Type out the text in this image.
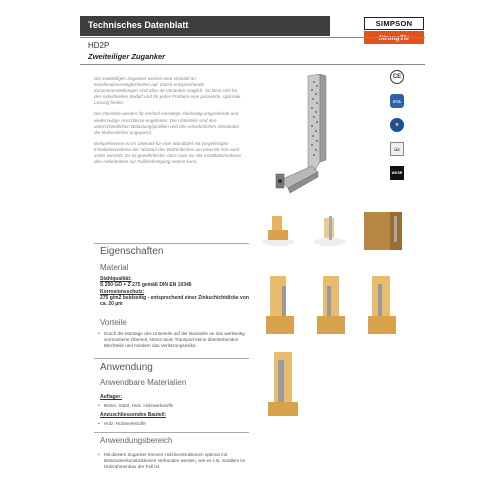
Technisches Datenblatt	SIMPSON
HD2P
Zweiteiliger Zuganker

Die zweiteiligen Zuganker weisen eine Vielzahl an Kombinationsmöglichkeiten auf. Durch entsprechende Zusammenstellungen sind über 40 Varianten möglich. So lässt sich für den individuellen Bedarf und für jedes Problem eine passende, optimale Lösung finden.

Die Oberteile werden für einfach einseitige, beidseitig umgreifende und viederseitige Anschlüsse angeboten. Die Unterteile sind den unterschiedlichen Belastungsprofilen und den erforderlichen Abständen der Bolzenlöcher angepasst.

Beispielsweise ist im Unterteil für eine Wandtafel mit vorgefertigter Installationsebene der Abstand des Bolzenloches um etwa 60 mm nach innen versetzt. Es ist gewährleistet, dass man vor der Installationsebene den Ankerbolzen zur Fußfreifestigung setzen kann.

CE
ETA
★
ÜZ
WKSR
Eigenschaften
Material
Stahlqualität:
S 250 GD + Z 275 gemäß DIN EN 10346
Korrosionsschutz:
275 g/m2 beidseitig - entsprechend einer Zinkschichtdicke von ca. 20 µm
Vorteile
• Durch die Montage des Unterteils auf der Baustelle an das werkseitig vormontierte Oberteil, stören beim Transport keine überstehenden Blechteile und mindern das Verletzungsrisiko.
Anwendung
Anwendbare Materialien
Auflager:
• Beton, Stahl, Holz, Holzwerkstoffe
Anzuschliessendes Bauteil:
• Holz, Holzwerkstoffe
Anwendungsbereich
• Mit diesem Zuganker können Holzkonstruktionen optimal mit Betonunterkonstruktionen verbunden werden, wie es z.B. vorallem im Holzrahmenbau der Fall ist.
